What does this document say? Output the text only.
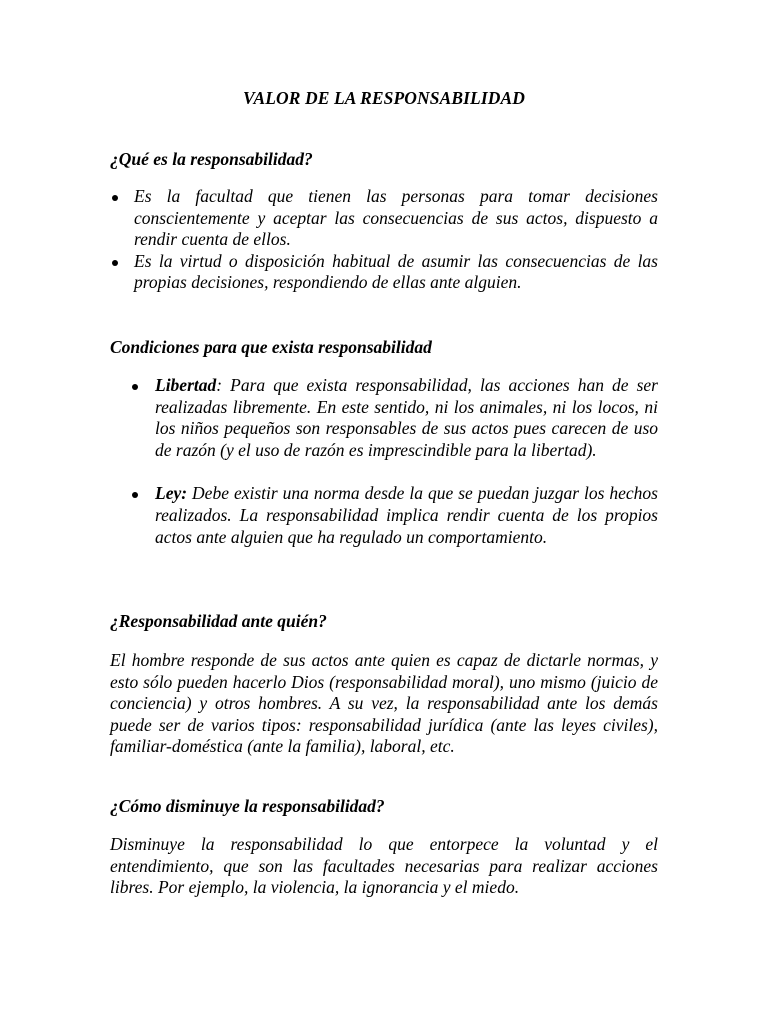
VALOR DE LA RESPONSABILIDAD
¿Qué es la responsabilidad?
Es la facultad que tienen las personas para tomar decisiones conscientemente y aceptar las consecuencias de sus actos, dispuesto a rendir cuenta de ellos.
Es la virtud o disposición habitual de asumir las consecuencias de las propias decisiones, respondiendo de ellas ante alguien.
Condiciones para que exista responsabilidad
Libertad: Para que exista responsabilidad, las acciones han de ser realizadas libremente. En este sentido, ni los animales, ni los locos, ni los niños pequeños son responsables de sus actos pues carecen de uso de razón (y el uso de razón es imprescindible para la libertad).
Ley: Debe existir una norma desde la que se puedan juzgar los hechos realizados. La responsabilidad implica rendir cuenta de los propios actos ante alguien que ha regulado un comportamiento.
¿Responsabilidad ante quién?
El hombre responde de sus actos ante quien es capaz de dictarle normas, y esto sólo pueden hacerlo Dios (responsabilidad moral), uno mismo (juicio de conciencia) y otros hombres. A su vez, la responsabilidad ante los demás puede ser de varios tipos: responsabilidad jurídica (ante las leyes civiles), familiar-doméstica (ante la familia), laboral, etc.
¿Cómo disminuye la responsabilidad?
Disminuye la responsabilidad lo que entorpece la voluntad y el entendimiento, que son las facultades necesarias para realizar acciones libres. Por ejemplo, la violencia, la ignorancia y el miedo.
